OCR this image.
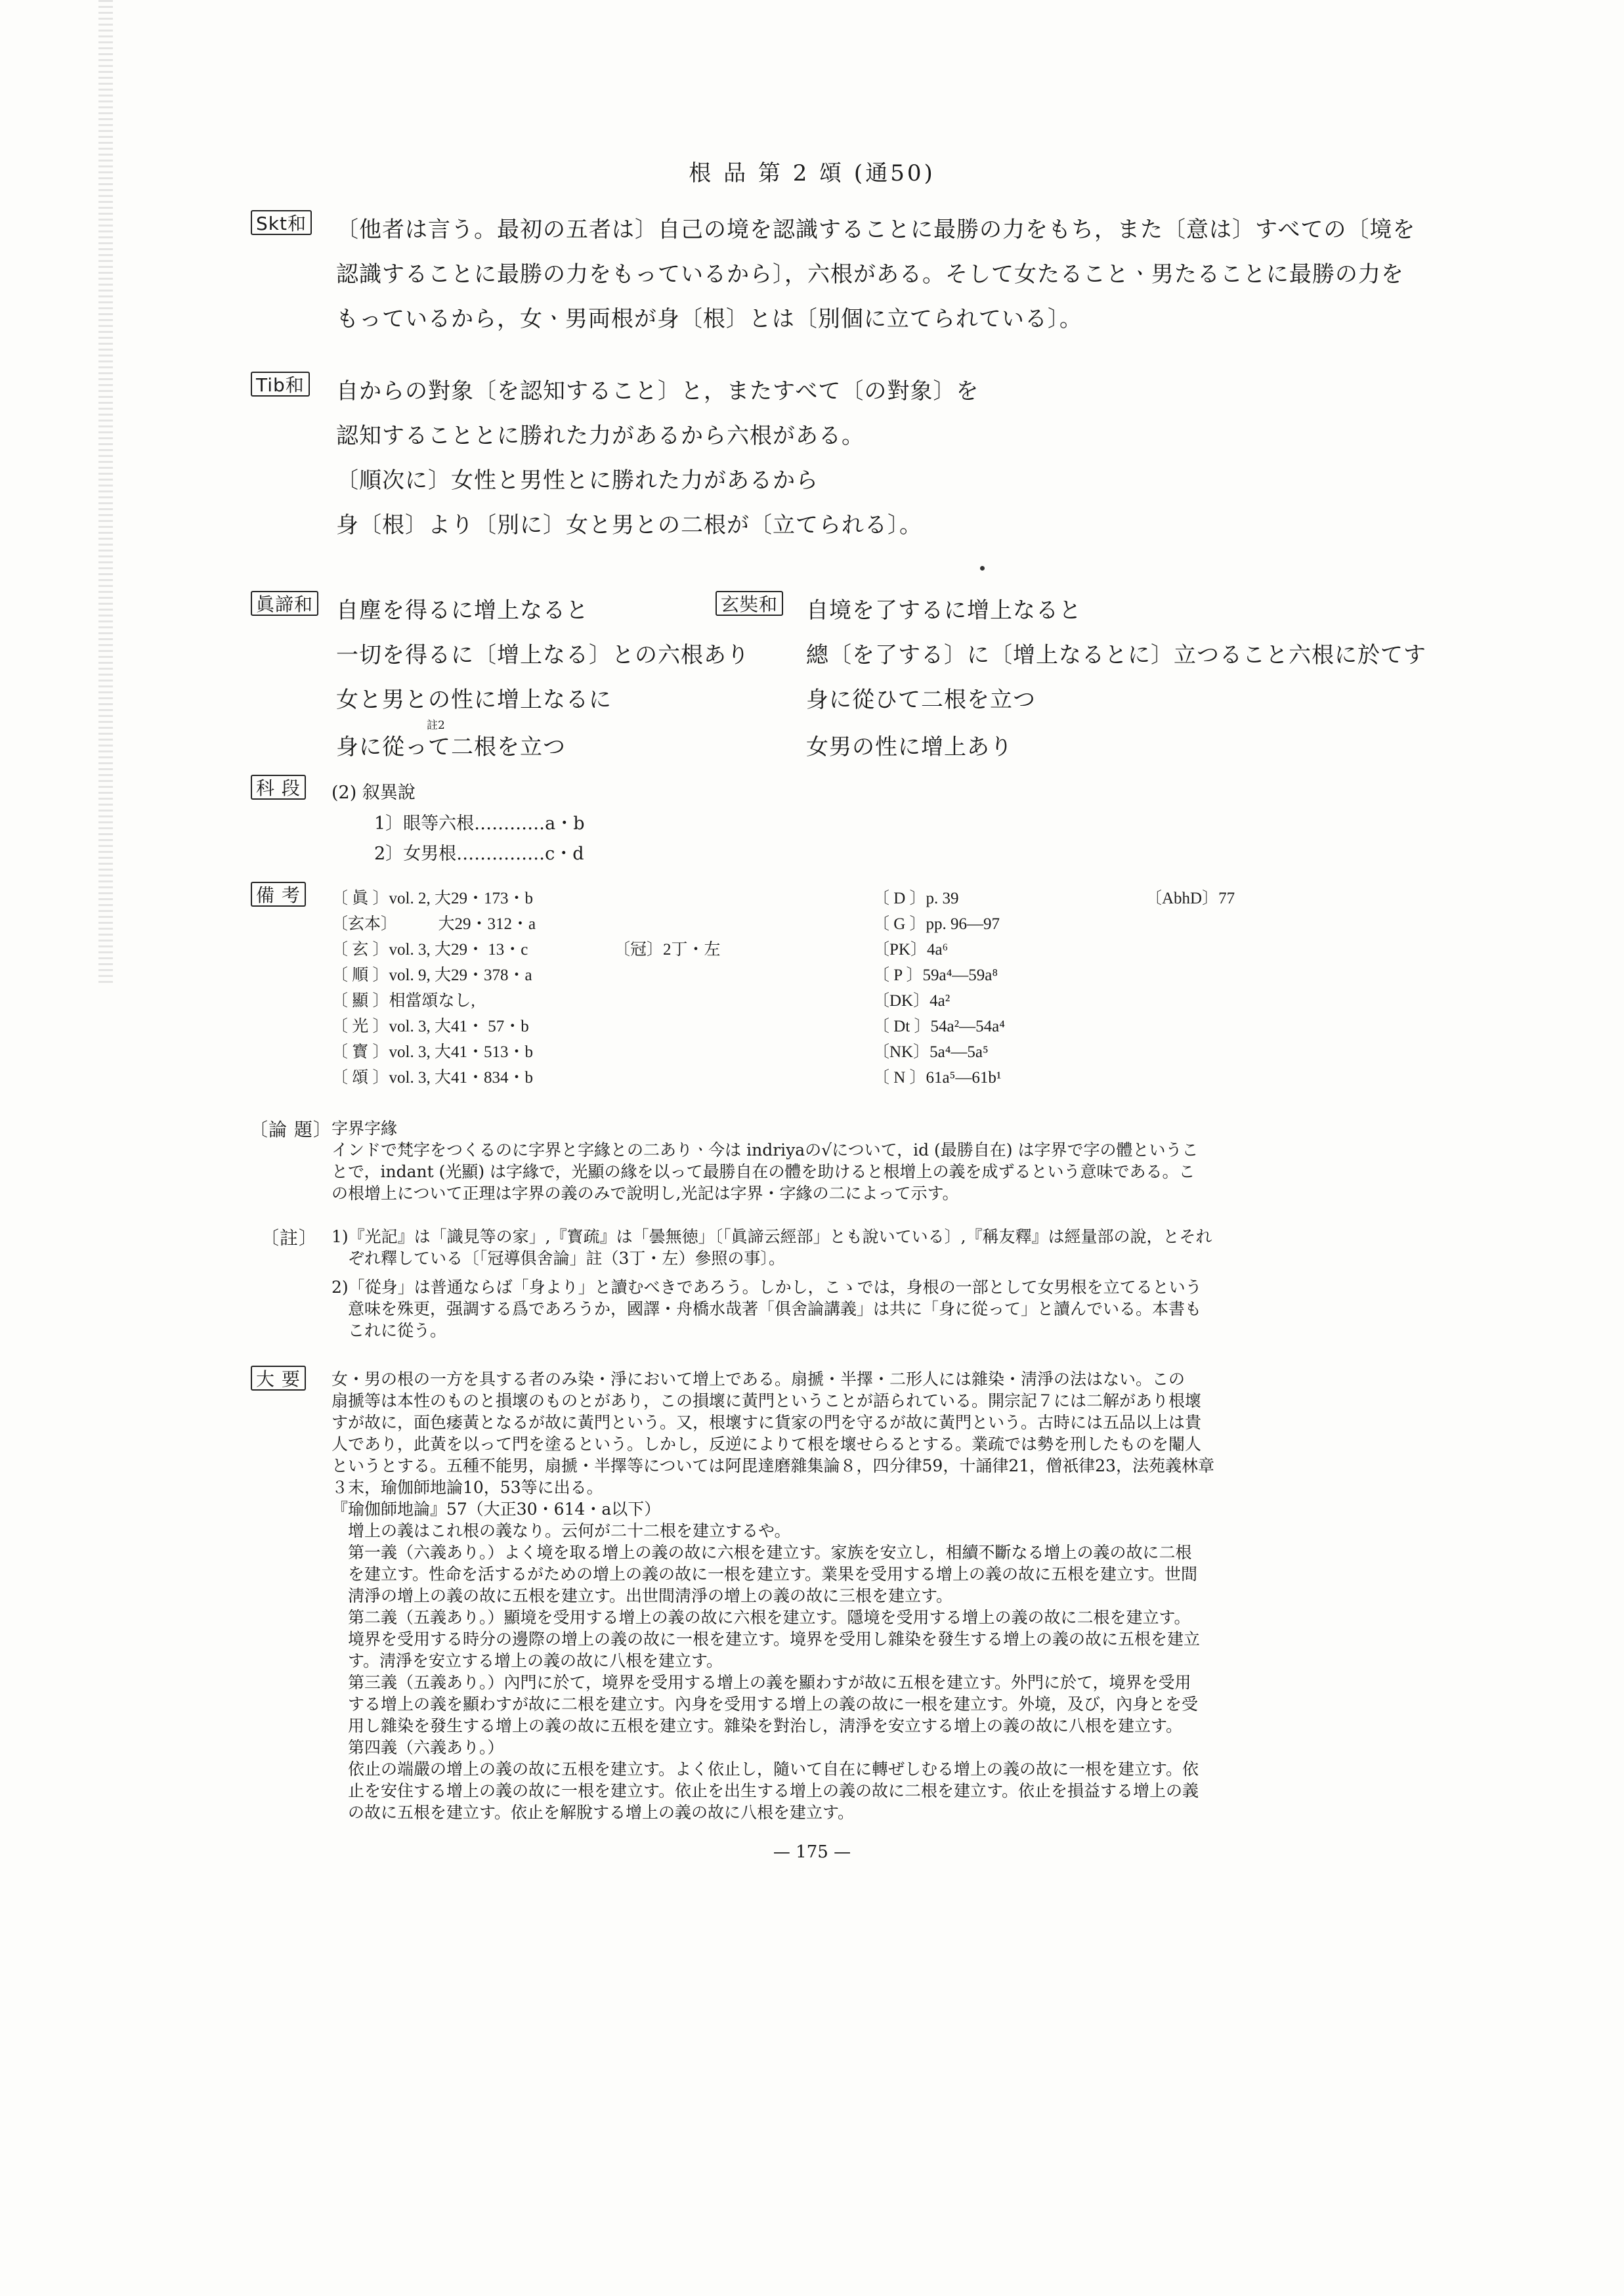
根 品 第 2 頌 (通50)
Skt和 〔他者は言う。最初の五者は〕自己の境を認識することに最勝の力をもち，また〔意は〕すべての〔境を
認識することに最勝の力をもっているから〕，六根がある。そして女たることㆍ男たることに最勝の力を
もっているから，女ㆍ男両根が身〔根〕とは〔別個に立てられている〕。
Tib和 自からの對象〔を認知すること〕と，またすべて〔の對象〕を
認知することとに勝れた力があるから六根がある。
〔順次に〕女性と男性とに勝れた力があるから
身〔根〕より〔別に〕女と男との二根が〔立てられる〕。
眞諦和 自塵を得るに增上なると
一切を得るに〔增上なる〕との六根あり
女と男との性に增上なるに
身に從って二根を立つ
註2
玄奘和 自境を了するに增上なると
總〔を了する〕に〔增上なるとに〕立つること六根に於てす
身に從ひて二根を立つ
女男の性に增上あり
科 段 (2) 叙異說
1〕眼等六根…………a・b
2〕女男根……………c・d
備 考	〔 眞 〕vol. 2, 大29・173・b
〔玄本〕　　　大29・312・a
〔 玄 〕vol. 3, 大29・ 13・c
〔 順 〕vol. 9, 大29・378・a
〔 顯 〕相當頌なし,
〔 光 〕vol. 3, 大41・ 57・b
〔 寳 〕vol. 3, 大41・513・b
〔 頌 〕vol. 3, 大41・834・b
〔冠〕2丁・左
〔 D 〕p. 39
〔 G 〕pp. 96—97
〔PK〕4a⁶
〔 P 〕59a⁴—59a⁸
〔DK〕4a²
〔 Dt 〕54a²—54a⁴
〔NK〕5a⁴—5a⁵
〔 N 〕61a⁵—61b¹
〔AbhD〕77
〔論 題〕 字界字緣
インドで梵字をつくるのに字界と字緣との二ありㆍ今は indriyaの√について，id (最勝自在) は字界で字の體というこ
とで，indant (光顯) は字緣で，光顯の緣を以って最勝自在の體を助けると根增上の義を成ずるという意味である。こ
の根增上について正理は字界の義のみで說明し,光記は字界・字緣の二によって示す。
〔註〕 1)『光記』は「識見等の家」,『寳疏』は「曇無徳」〔「眞諦云經部」とも說いている〕,『稱友釋』は經量部の說，とそれ
　ぞれ釋している〔「冠導俱舍論」註（3丁・左）參照の事〕。
2)「從身」は普通ならば「身より」と讀むべきであろう。しかし，こゝでは，身根の一部として女男根を立てるという
　意味を殊更，强調する爲であろうか，國譯・舟橋水哉著「俱舍論講義」は共に「身に從って」と讀んでいる。本書も
　これに從う。
大 要	女・男の根の一方を具する者のみ染・淨において增上である。扇搋・半擇・二形人には雜染・淸淨の法はない。この
扇搋等は本性のものと損壞のものとがあり，この損壞に黃門ということが語られている。開宗記７には二解があり根壞
すが故に，面色痿黃となるが故に黃門という。又，根壞すに貨家の門を守るが故に黃門という。古時には五品以上は貴
人であり，此黃を以って門を塗るという。しかし，反逆によりて根を壞せらるとする。業疏では勢を刑したものを閹人
というとする。五種不能男，扇搋・半擇等については阿毘達磨雜集論８，四分律59，十誦律21，僧祇律23，法苑義林章
３末，瑜伽師地論10，53等に出る。
『瑜伽師地論』57（大正30・614・a以下）
　增上の義はこれ根の義なり。云何が二十二根を建立するや。
　第一義（六義あり。）よく境を取る增上の義の故に六根を建立す。家族を安立し，相續不斷なる增上の義の故に二根
　を建立す。性命を活するがための增上の義の故に一根を建立す。業果を受用する增上の義の故に五根を建立す。世間
　淸淨の增上の義の故に五根を建立す。出世間淸淨の增上の義の故に三根を建立す。
　第二義（五義あり。）顯境を受用する增上の義の故に六根を建立す。隱境を受用する增上の義の故に二根を建立す。
　境界を受用する時分の邊際の增上の義の故に一根を建立す。境界を受用し雜染を發生する增上の義の故に五根を建立
　す。淸淨を安立する增上の義の故に八根を建立す。
　第三義（五義あり。）內門に於て，境界を受用する增上の義を顯わすが故に五根を建立す。外門に於て，境界を受用
　する增上の義を顯わすが故に二根を建立す。內身を受用する增上の義の故に一根を建立す。外境，及び，內身とを受
　用し雜染を發生する增上の義の故に五根を建立す。雜染を對治し，淸淨を安立する增上の義の故に八根を建立す。
　第四義（六義あり。）
　依止の端嚴の增上の義の故に五根を建立す。よく依止し，隨いて自在に轉ぜしむる增上の義の故に一根を建立す。依
　止を安住する增上の義の故に一根を建立す。依止を出生する增上の義の故に二根を建立す。依止を損益する增上の義
　の故に五根を建立す。依止を解脫する增上の義の故に八根を建立す。
— 175 —
